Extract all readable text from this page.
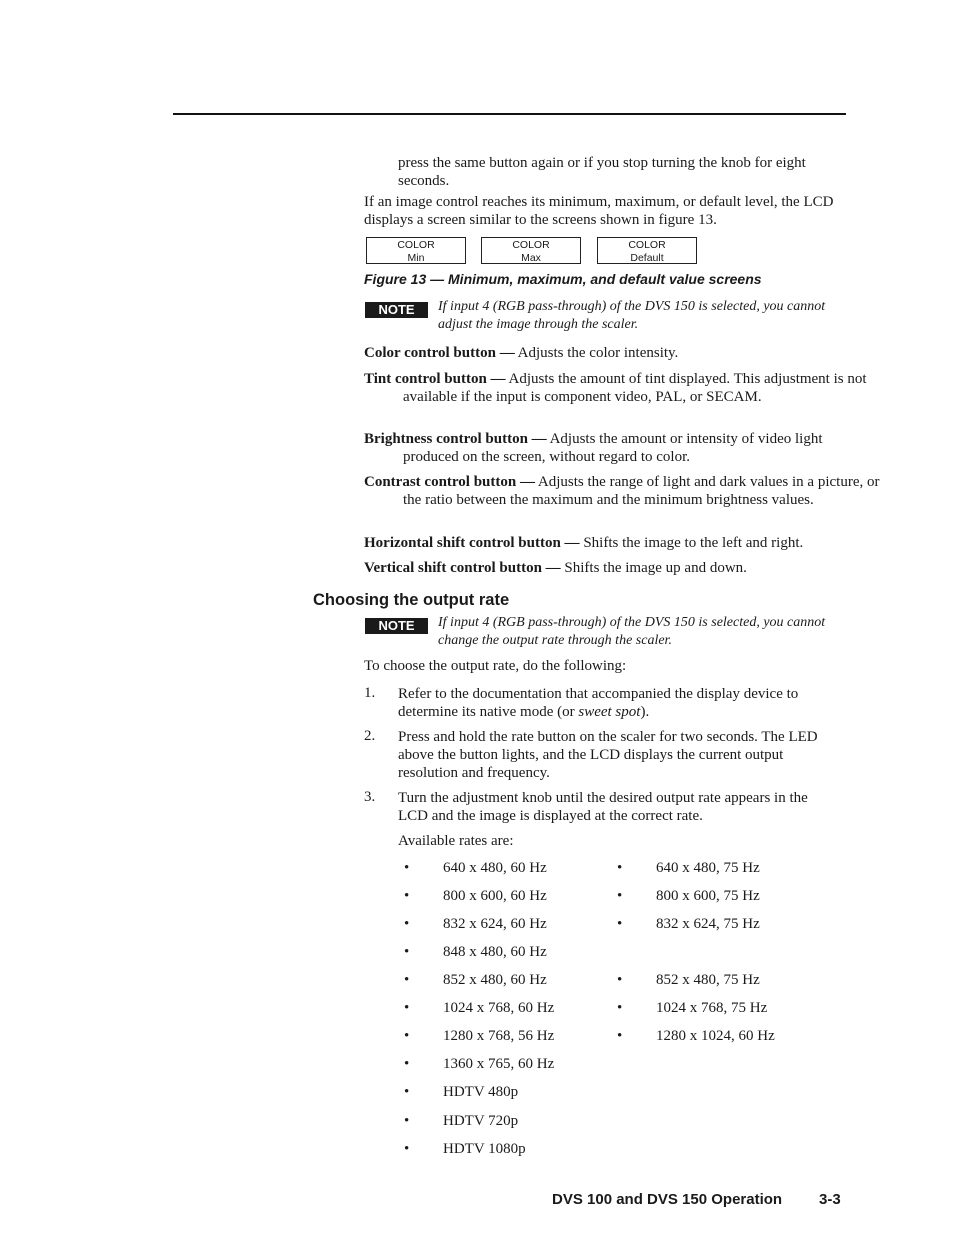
press the same button again or if you stop turning the knob for eight seconds.
If an image control reaches its minimum, maximum, or default level, the LCD displays a screen similar to the screens shown in figure 13.
COLOR
Min
COLOR
Max
COLOR
Default
Figure 13 — Minimum, maximum, and default value screens
NOTE	If input 4 (RGB pass-through) of the DVS 150 is selected, you cannot adjust the image through the scaler.
Color control button — Adjusts the color intensity.
Tint control button — Adjusts the amount of tint displayed. This adjustment is not available if the input is component video, PAL, or SECAM.
Brightness control button — Adjusts the amount or intensity of video light produced on the screen, without regard to color.
Contrast control button — Adjusts the range of light and dark values in a picture, or the ratio between the maximum and the minimum brightness values.
Horizontal shift control button — Shifts the image to the left and right.
Vertical shift control button — Shifts the image up and down.
Choosing the output rate
NOTE	If input 4 (RGB pass-through) of the DVS 150 is selected, you cannot change the output rate through the scaler.
To choose the output rate, do the following:
1. Refer to the documentation that accompanied the display device to determine its native mode (or sweet spot).
2. Press and hold the rate button on the scaler for two seconds. The LED above the button lights, and the LCD displays the current output resolution and frequency.
3. Turn the adjustment knob until the desired output rate appears in the LCD and the image is displayed at the correct rate.
Available rates are:
• 640 x 480, 60 Hz
• 800 x 600, 60 Hz
• 832 x 624, 60 Hz
• 848 x 480, 60 Hz
• 852 x 480, 60 Hz
• 1024 x 768, 60 Hz
• 1280 x 768, 56 Hz
• 1360 x 765, 60 Hz
• HDTV 480p
• HDTV 720p
• HDTV 1080p
• 640 x 480, 75 Hz
• 800 x 600, 75 Hz
• 832 x 624, 75 Hz
• 852 x 480, 75 Hz
• 1024 x 768, 75 Hz
• 1280 x 1024, 60 Hz
DVS 100 and DVS 150 Operation 3-3
